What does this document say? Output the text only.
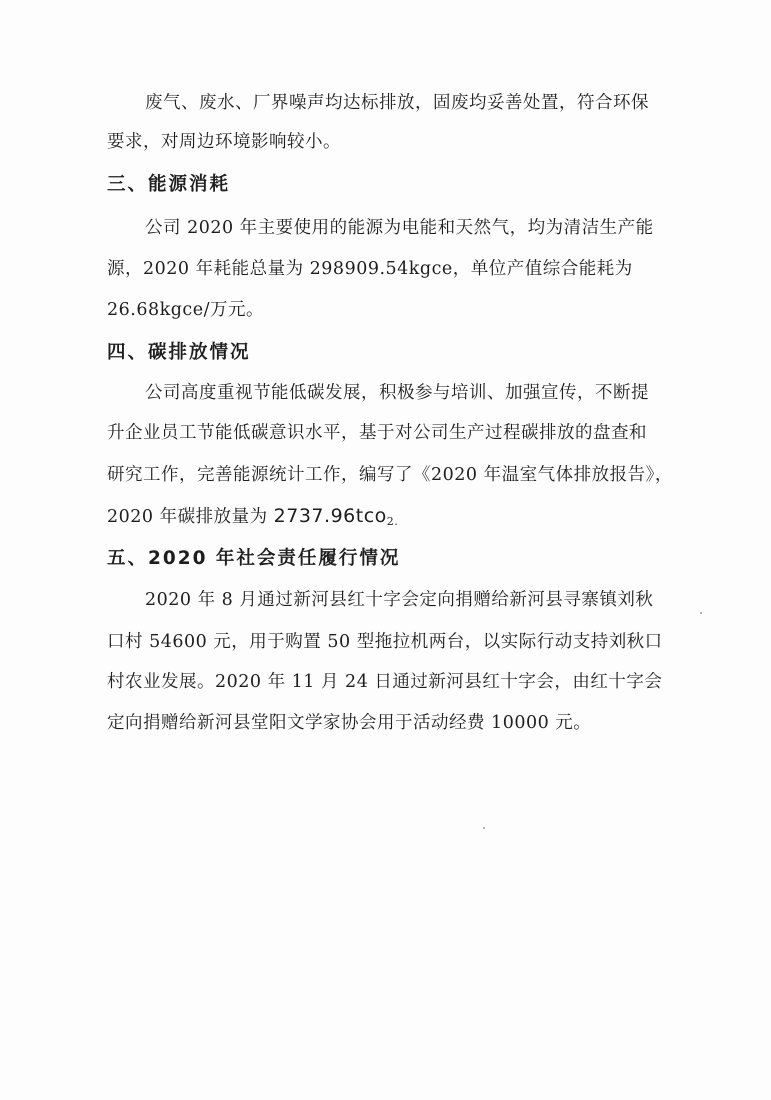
废气、废水、厂界噪声均达标排放，固废均妥善处置，符合环保
要求，对周边环境影响较小。
三、能源消耗
公司 2020 年主要使用的能源为电能和天然气，均为清洁生产能
源，2020 年耗能总量为 298909.54kgce，单位产值综合能耗为
26.68kgce/万元。
四、碳排放情况
公司高度重视节能低碳发展，积极参与培训、加强宣传，不断提
升企业员工节能低碳意识水平，基于对公司生产过程碳排放的盘查和
研究工作，完善能源统计工作，编写了《2020 年温室气体排放报告》，
2020 年碳排放量为 2737.96tco$_{2.}$
五、2020 年社会责任履行情况
2020 年 8 月通过新河县红十字会定向捐赠给新河县寻寨镇刘秋
口村 54600 元，用于购置 50 型拖拉机两台，以实际行动支持刘秋口
村农业发展。2020 年 11 月 24 日通过新河县红十字会，由红十字会
定向捐赠给新河县堂阳文学家协会用于活动经费 10000 元。
